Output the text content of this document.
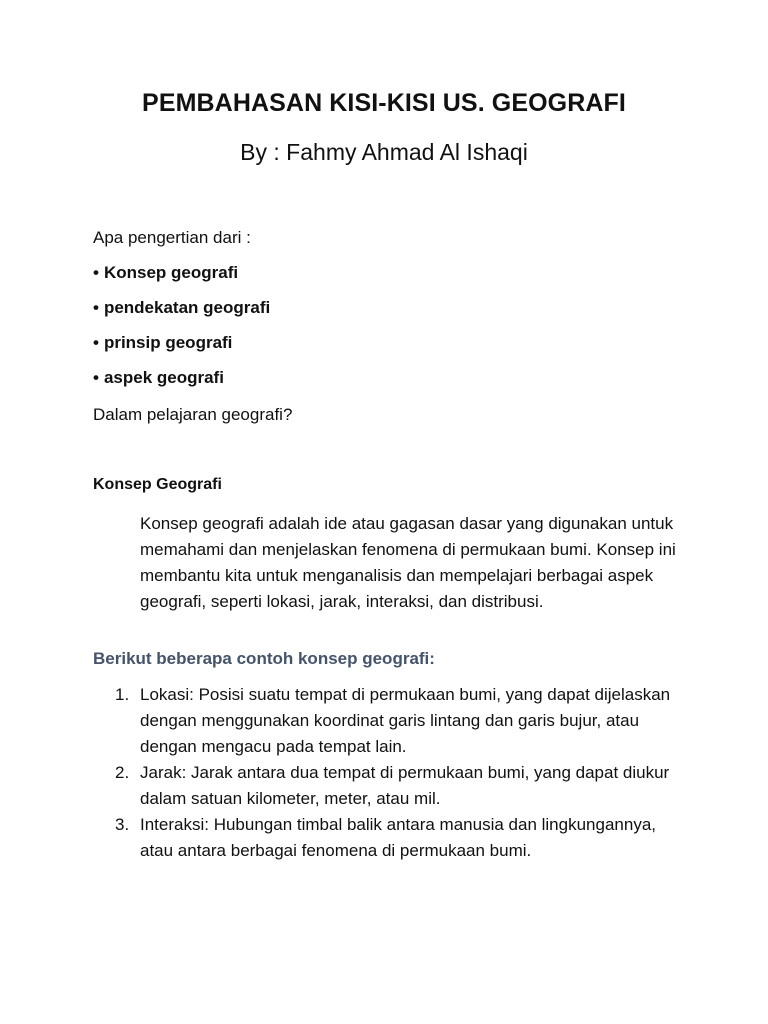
PEMBAHASAN KISI-KISI US. GEOGRAFI
By : Fahmy Ahmad Al Ishaqi
Apa pengertian dari :
• Konsep geografi
• pendekatan geografi
• prinsip geografi
• aspek geografi
Dalam pelajaran geografi?
Konsep Geografi

Konsep geografi adalah ide atau gagasan dasar yang digunakan untuk memahami dan menjelaskan fenomena di permukaan bumi. Konsep ini membantu kita untuk menganalisis dan mempelajari berbagai aspek geografi, seperti lokasi, jarak, interaksi, dan distribusi.

Berikut beberapa contoh konsep geografi:
1. Lokasi: Posisi suatu tempat di permukaan bumi, yang dapat dijelaskan dengan menggunakan koordinat garis lintang dan garis bujur, atau dengan mengacu pada tempat lain.
2. Jarak: Jarak antara dua tempat di permukaan bumi, yang dapat diukur dalam satuan kilometer, meter, atau mil.
3. Interaksi: Hubungan timbal balik antara manusia dan lingkungannya, atau antara berbagai fenomena di permukaan bumi.
